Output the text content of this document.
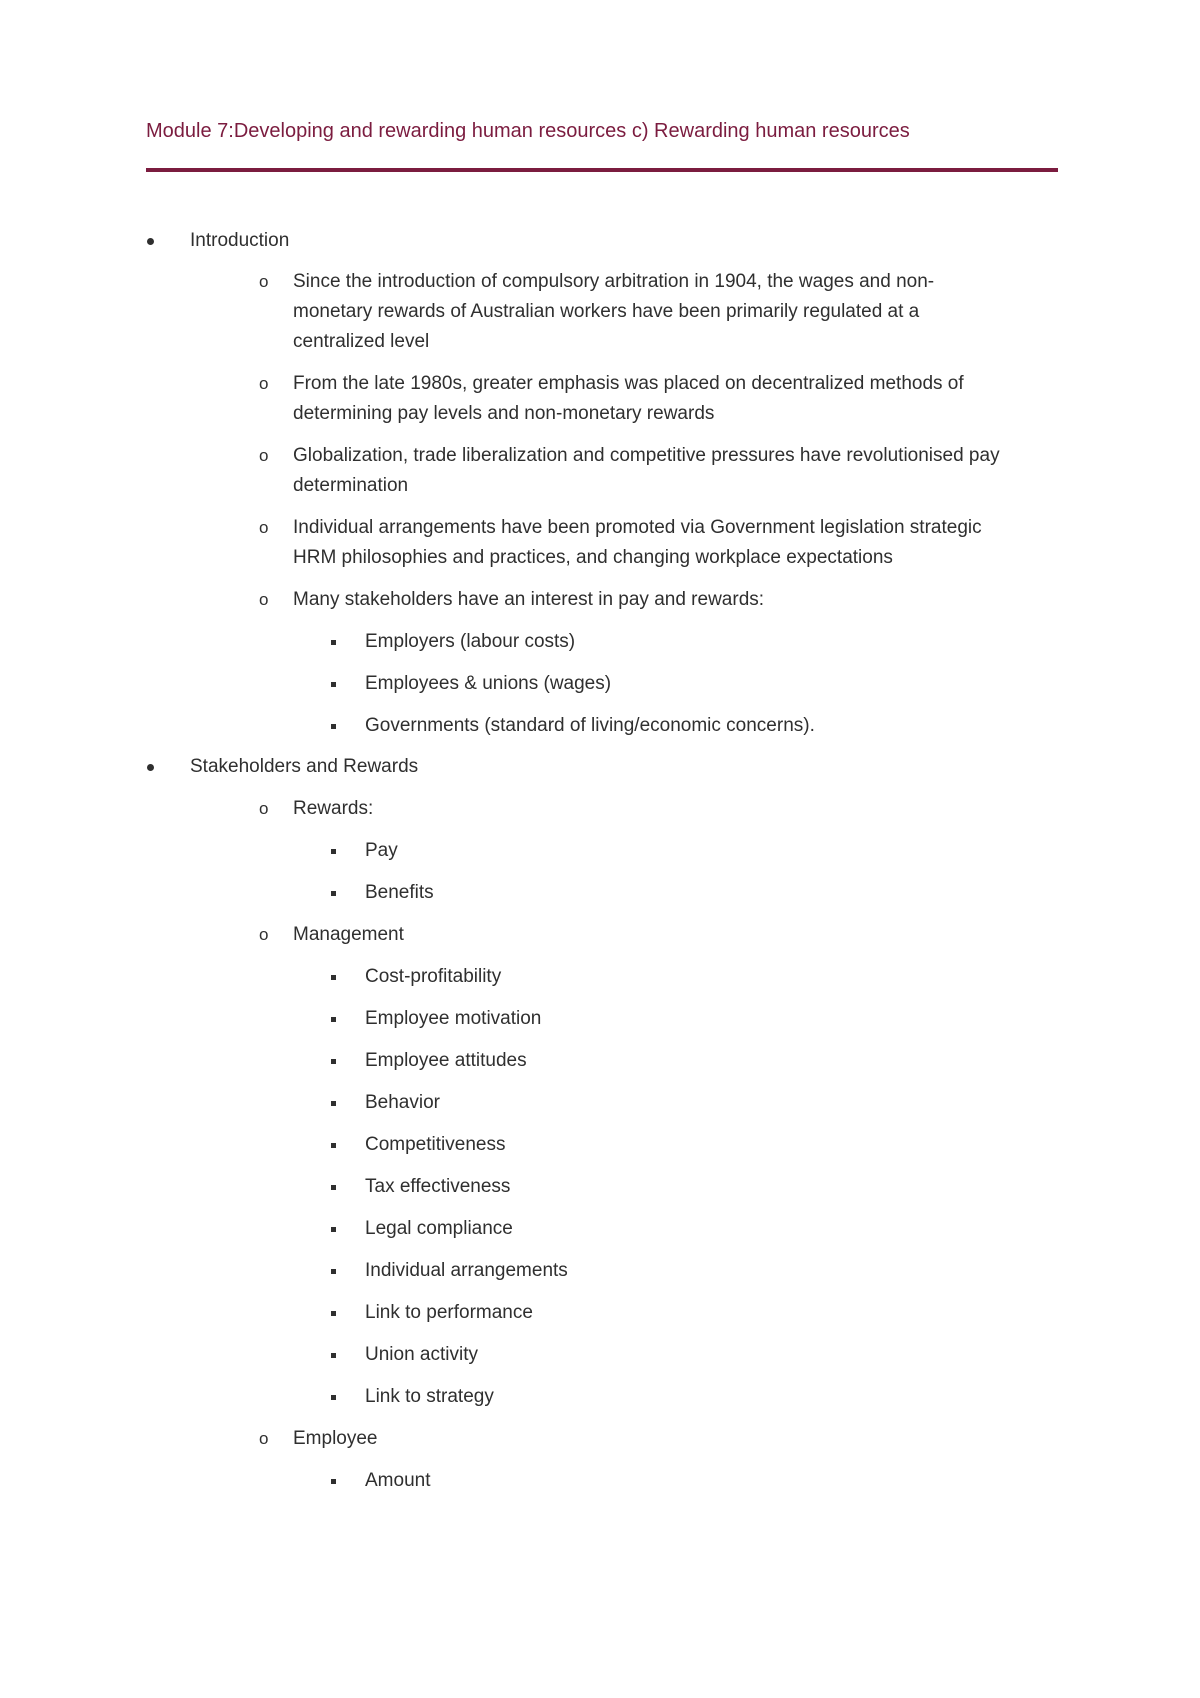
Module 7:Developing and rewarding human resources c) Rewarding human resources
Introduction
o Since the introduction of compulsory arbitration in 1904, the wages and non-
monetary rewards of Australian workers have been primarily regulated at a
centralized level
o From the late 1980s, greater emphasis was placed on decentralized methods of
determining pay levels and non-monetary rewards
o Globalization, trade liberalization and competitive pressures have revolutionised pay
determination
o Individual arrangements have been promoted via Government legislation strategic
HRM philosophies and practices, and changing workplace expectations
o Many stakeholders have an interest in pay and rewards:
Employers (labour costs)
Employees & unions (wages)
Governments (standard of living/economic concerns).
Stakeholders and Rewards
o Rewards:
Pay
Benefits
o Management
Cost-profitability
Employee motivation
Employee attitudes
Behavior
Competitiveness
Tax effectiveness
Legal compliance
Individual arrangements
Link to performance
Union activity
Link to strategy
o Employee
Amount
